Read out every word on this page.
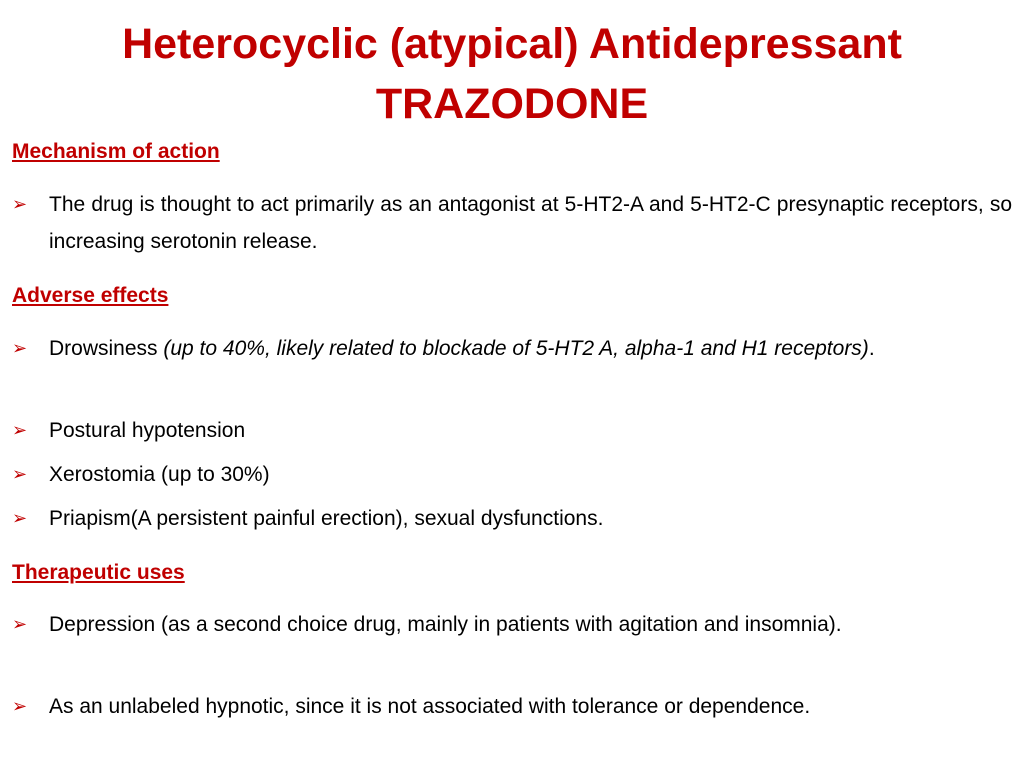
Heterocyclic (atypical) Antidepressant
TRAZODONE
Mechanism of action
➢	The drug is thought to act primarily as an antagonist at 5-HT2-A and 5-HT2-C presynaptic receptors, so increasing serotonin release.
Adverse effects
➢	Drowsiness (up to 40%, likely related to blockade of 5-HT2 A, alpha-1 and H1 receptors).
➢	Postural hypotension
➢	Xerostomia (up to 30%)
➢	Priapism(A persistent painful erection), sexual dysfunctions.
Therapeutic uses
➢	Depression (as a second choice drug, mainly in patients with agitation and insomnia).
➢	As an unlabeled hypnotic, since it is not associated with tolerance or dependence.
